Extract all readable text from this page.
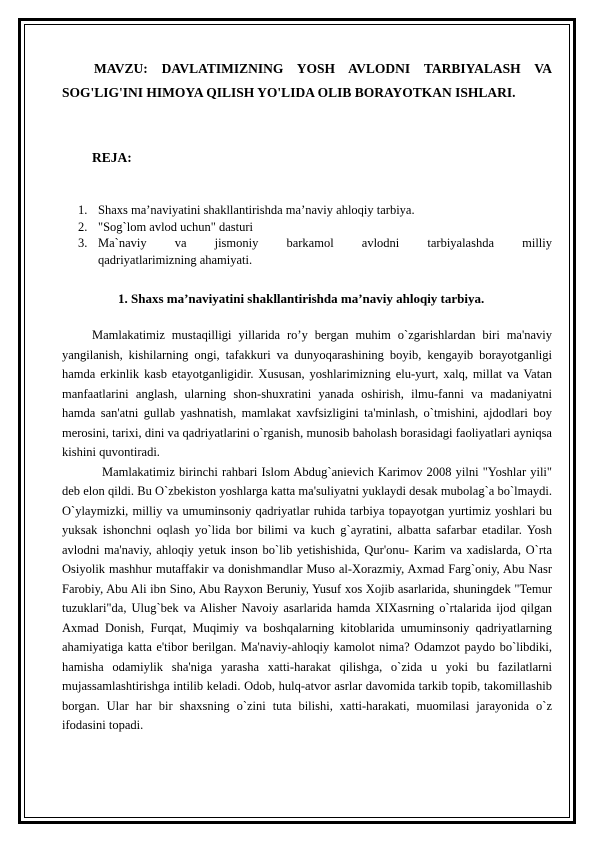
MAVZU: DAVLATIMIZNING YOSH AVLODNI TARBIYALASH VA
SOG'LIG'INI HIMOYA QILISH YO'LIDA OLIB BORAYOTKAN ISHLARI.
REJA:
1. Shaxs ma’naviyatini shakllantirishda ma’naviy ahloqiy tarbiya.
2. "Sog`lom avlod uchun" dasturi
3. Ma`naviy va jismoniy barkamol avlodni tarbiyalashda milliy
qadriyatlarimizning ahamiyati.
1. Shaxs ma’naviyatini shakllantirishda ma’naviy ahloqiy tarbiya.

Mamlakatimiz mustaqilligi yillarida ro’y bergan muhim o`zgarishlardan biri ma'naviy yangilanish, kishilarning ongi, tafakkuri va dunyoqarashining boyib, kengayib borayotganligi hamda erkinlik kasb etayotganligidir. Xususan, yoshlarimizning elu-yurt, xalq, millat va Vatan manfaatlarini anglash, ularning shon-shuxratini yanada oshirish, ilmu-fanni va madaniyatni hamda san'atni gullab yashnatish, mamlakat xavfsizligini ta'minlash, o`tmishini, ajdodlari boy merosini, tarixi, dini va qadriyatlarini o`rganish, munosib baholash borasidagi faoliyatlari ayniqsa kishini quvontiradi.

Mamlakatimiz birinchi rahbari Islom Abdug`anievich Karimov 2008 yilni "Yoshlar yili" deb elon qildi. Bu O`zbekiston yoshlarga katta ma'suliyatni yuklaydi desak mubolag`a bo`lmaydi. O`ylaymizki, milliy va umuminsoniy qadriyatlar ruhida tarbiya topayotgan yurtimiz yoshlari bu yuksak ishonchni oqlash yo`lida bor bilimi va kuch g`ayratini, albatta safarbar etadilar. Yosh avlodni ma'naviy, ahloqiy yetuk inson bo`lib yetishishida, Qur'onu- Karim va xadislarda, O`rta Osiyolik mashhur mutaffakir va donishmandlar Muso al-Xorazmiy, Axmad Farg`oniy, Abu Nasr Farobiy, Abu Ali ibn Sino, Abu Rayxon Beruniy, Yusuf xos Xojib asarlarida, shuningdek "Temur tuzuklari"da, Ulug`bek va Alisher Navoiy asarlarida hamda XIXasrning o`rtalarida ijod qilgan Axmad Donish, Furqat, Muqimiy va boshqalarning kitoblarida umuminsoniy qadriyatlarning ahamiyatiga katta e'tibor berilgan. Ma'naviy-ahloqiy kamolot nima? Odamzot paydo bo`libdiki, hamisha odamiylik sha'niga yarasha xatti-harakat qilishga, o`zida u yoki bu fazilatlarni mujassamlashtirishga intilib keladi. Odob, hulq-atvor asrlar davomida tarkib topib, takomillashib borgan. Ular har bir shaxsning o`zini tuta bilishi, xatti-harakati, muomilasi jarayonida o`z ifodasini topadi.
